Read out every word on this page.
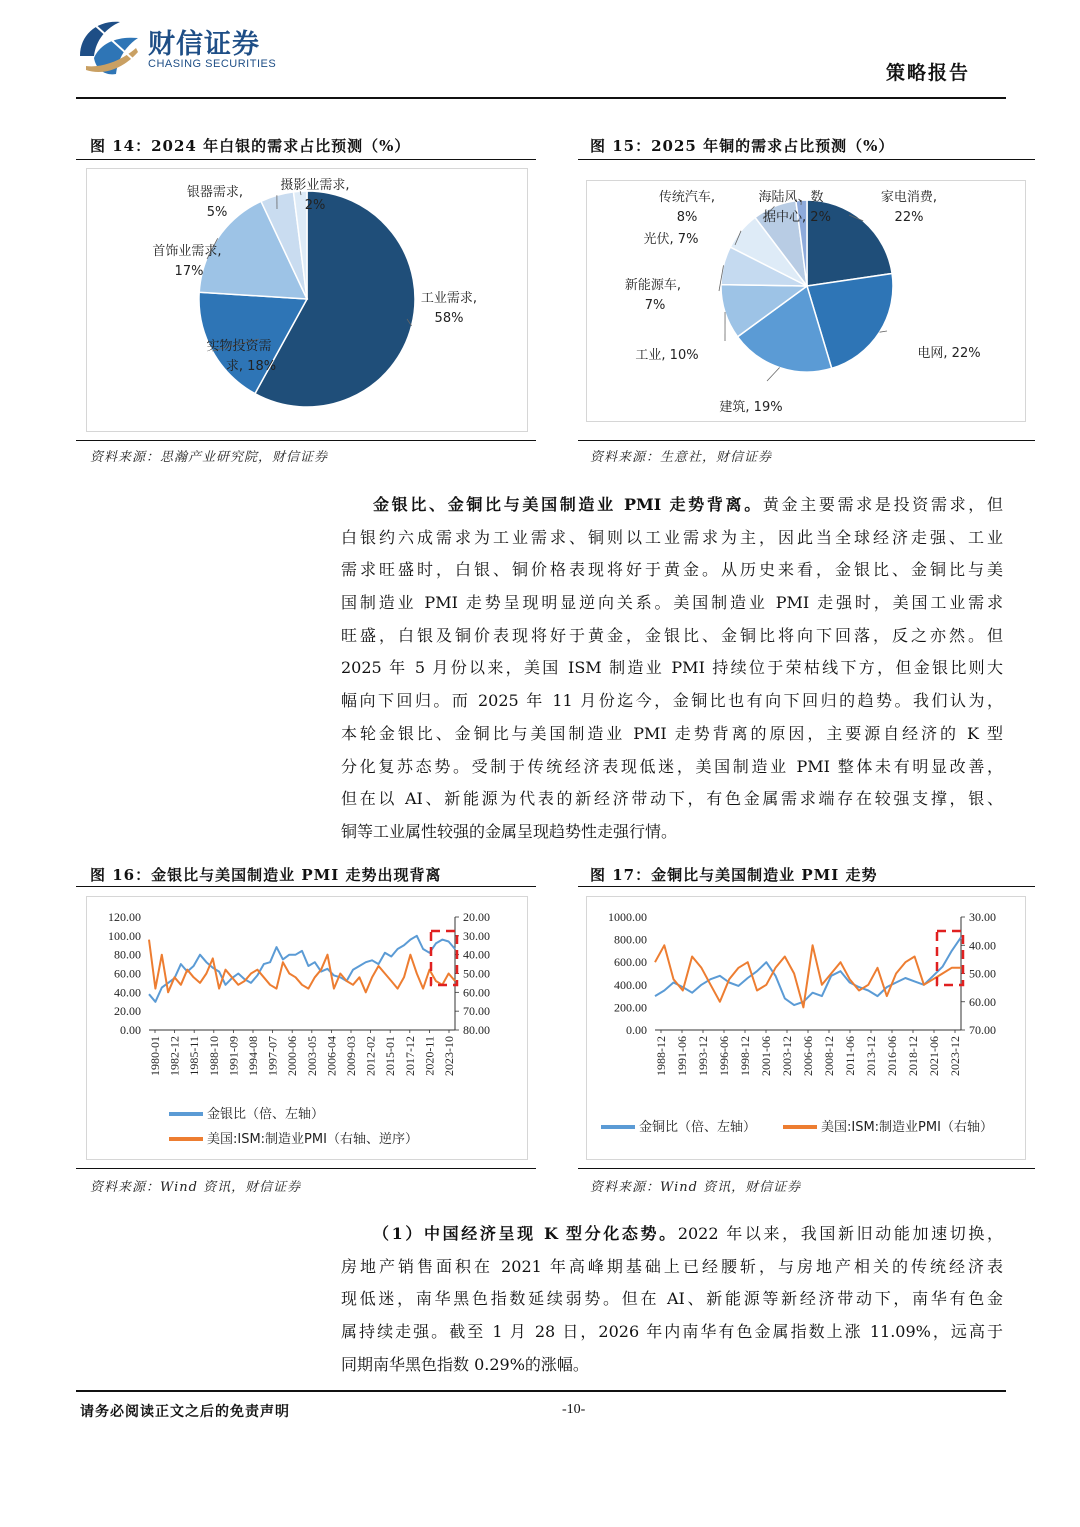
财信证券
CHASING SECURITIES	策略报告
图 14：2024 年白银的需求占比预测（%）
工业需求,
58%
实物投资需
求, 18%
首饰业需求,
17%
银器需求,
5%
摄影业需求,
2%
资料来源：思瀚产业研究院，财信证券
图 15：2025 年铜的需求占比预测（%）
家电消费,
22%
电网, 22%
建筑, 19%
工业, 10%
新能源车,
7%
光伏, 7%
传统汽车,
8%
海陆风、数
据中心, 2%
资料来源：生意社，财信证券
金银比、金铜比与美国制造业 PMI 走势背离。黄金主要需求是投资需求，但
白银约六成需求为工业需求、铜则以工业需求为主，因此当全球经济走强、工业
需求旺盛时，白银、铜价格表现将好于黄金。从历史来看，金银比、金铜比与美
国制造业 PMI 走势呈现明显逆向关系。美国制造业 PMI 走强时，美国工业需求
旺盛，白银及铜价表现将好于黄金，金银比、金铜比将向下回落，反之亦然。但
2025 年 5 月份以来，美国 ISM 制造业 PMI 持续位于荣枯线下方，但金银比则大
幅向下回归。而 2025 年 11 月份迄今，金铜比也有向下回归的趋势。我们认为，
本轮金银比、金铜比与美国制造业 PMI 走势背离的原因，主要源自经济的 K 型
分化复苏态势。受制于传统经济表现低迷，美国制造业 PMI 整体未有明显改善，
但在以 AI、新能源为代表的新经济带动下，有色金属需求端存在较强支撑，银、
铜等工业属性较强的金属呈现趋势性走强行情。
图 16：金银比与美国制造业 PMI 走势出现背离
120.00
100.00
80.00
60.00
40.00
20.00
0.00
20.00
30.00
40.00
50.00
60.00
70.00
80.00
1980-01 1982-12 1985-11 1988-10 1991-09 1994-08 1997-07 2000-06 2003-05 2006-04 2009-03 2012-02 2015-01 2017-12 2020-11 2023-10
金银比（倍、左轴）
美国:ISM:制造业PMI（右轴、逆序）
资料来源：Wind 资讯，财信证券
图 17：金铜比与美国制造业 PMI 走势
1000.00
800.00
600.00
400.00
200.00
0.00
30.00
40.00
50.00
60.00
70.00
1988-12 1991-06 1993-12 1996-06 1998-12 2001-06 2003-12 2006-06 2008-12 2011-06 2013-12 2016-06 2018-12 2021-06 2023-12
金铜比（倍、左轴）	美国:ISM:制造业PMI（右轴）
资料来源：Wind 资讯，财信证券
（1）中国经济呈现 K 型分化态势。2022 年以来，我国新旧动能加速切换，
房地产销售面积在 2021 年高峰期基础上已经腰斩，与房地产相关的传统经济表
现低迷，南华黑色指数延续弱势。但在 AI、新能源等新经济带动下，南华有色金
属持续走强。截至 1 月 28 日，2026 年内南华有色金属指数上涨 11.09%，远高于
同期南华黑色指数 0.29%的涨幅。
请务必阅读正文之后的免责声明	-10-
